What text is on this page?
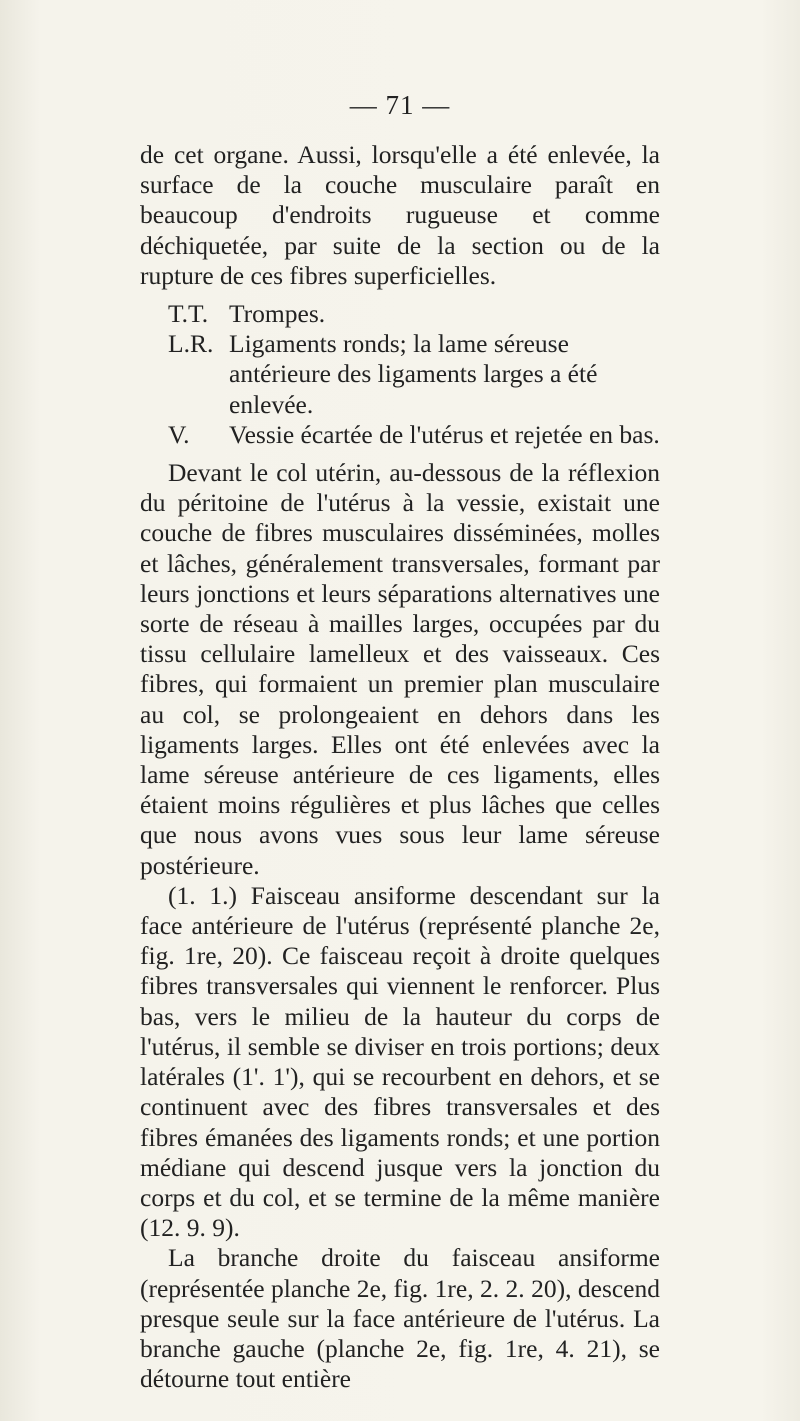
— 71 —

de cet organe. Aussi, lorsqu'elle a été enlevée, la surface de la couche musculaire paraît en beaucoup d'endroits rugueuse et comme déchiquetée, par suite de la section ou de la rupture de ces fibres superficielles.

T.T. Trompes.
L.R. Ligaments ronds; la lame séreuse antérieure des ligaments larges a été enlevée.
V.	Vessie écartée de l'utérus et rejetée en bas.

Devant le col utérin, au-dessous de la réflexion du péritoine de l'utérus à la vessie, existait une couche de fibres musculaires disséminées, molles et lâches, généralement transversales, formant par leurs jonctions et leurs séparations alternatives une sorte de réseau à mailles larges, occupées par du tissu cellulaire lamelleux et des vaisseaux. Ces fibres, qui formaient un premier plan musculaire au col, se prolongeaient en dehors dans les ligaments larges. Elles ont été enlevées avec la lame séreuse antérieure de ces ligaments, elles étaient moins régulières et plus lâches que celles que nous avons vues sous leur lame séreuse postérieure.

(1. 1.) Faisceau ansiforme descendant sur la face antérieure de l'utérus (représenté planche 2e, fig. 1re, 20). Ce faisceau reçoit à droite quelques fibres transversales qui viennent le renforcer. Plus bas, vers le milieu de la hauteur du corps de l'utérus, il semble se diviser en trois portions; deux latérales (1'. 1'), qui se recourbent en dehors, et se continuent avec des fibres transversales et des fibres émanées des ligaments ronds; et une portion médiane qui descend jusque vers la jonction du corps et du col, et se termine de la même manière (12. 9. 9).

La branche droite du faisceau ansiforme (représentée planche 2e, fig. 1re, 2. 2. 20), descend presque seule sur la face antérieure de l'utérus. La branche gauche (planche 2e, fig. 1re, 4. 21), se détourne tout entière
